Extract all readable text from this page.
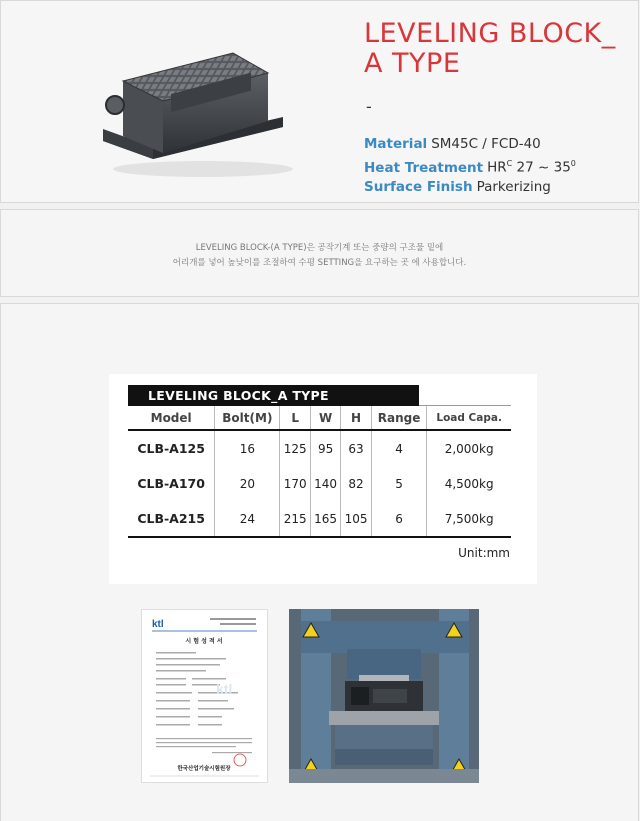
LEVELING BLOCK_
A TYPE
-
Material SM45C / FCD-40
Heat Treatment $HR^C$ 27 ~ $35^0$
Surface Finish Parkerizing
LEVELING BLOCK-(A TYPE)은 공작기계 또는 중량의 구조물 밑에
어리개를 넣어 높낮이를 조절하여 수평 SETTING을 요구하는 곳 에 사용합니다.
LEVELING BLOCK_A TYPE
Model	Bolt(M)	L	W	H	Range	Load Capa.
CLB-A125	16	125	95	63	4	2,000kg
CLB-A170	20	170	140	82	5	4,500kg
CLB-A215	24	215	165	105	6	7,500kg
Unit:mm
ktl
시 험 성 적 서
ktl
한국산업기술시험원장
